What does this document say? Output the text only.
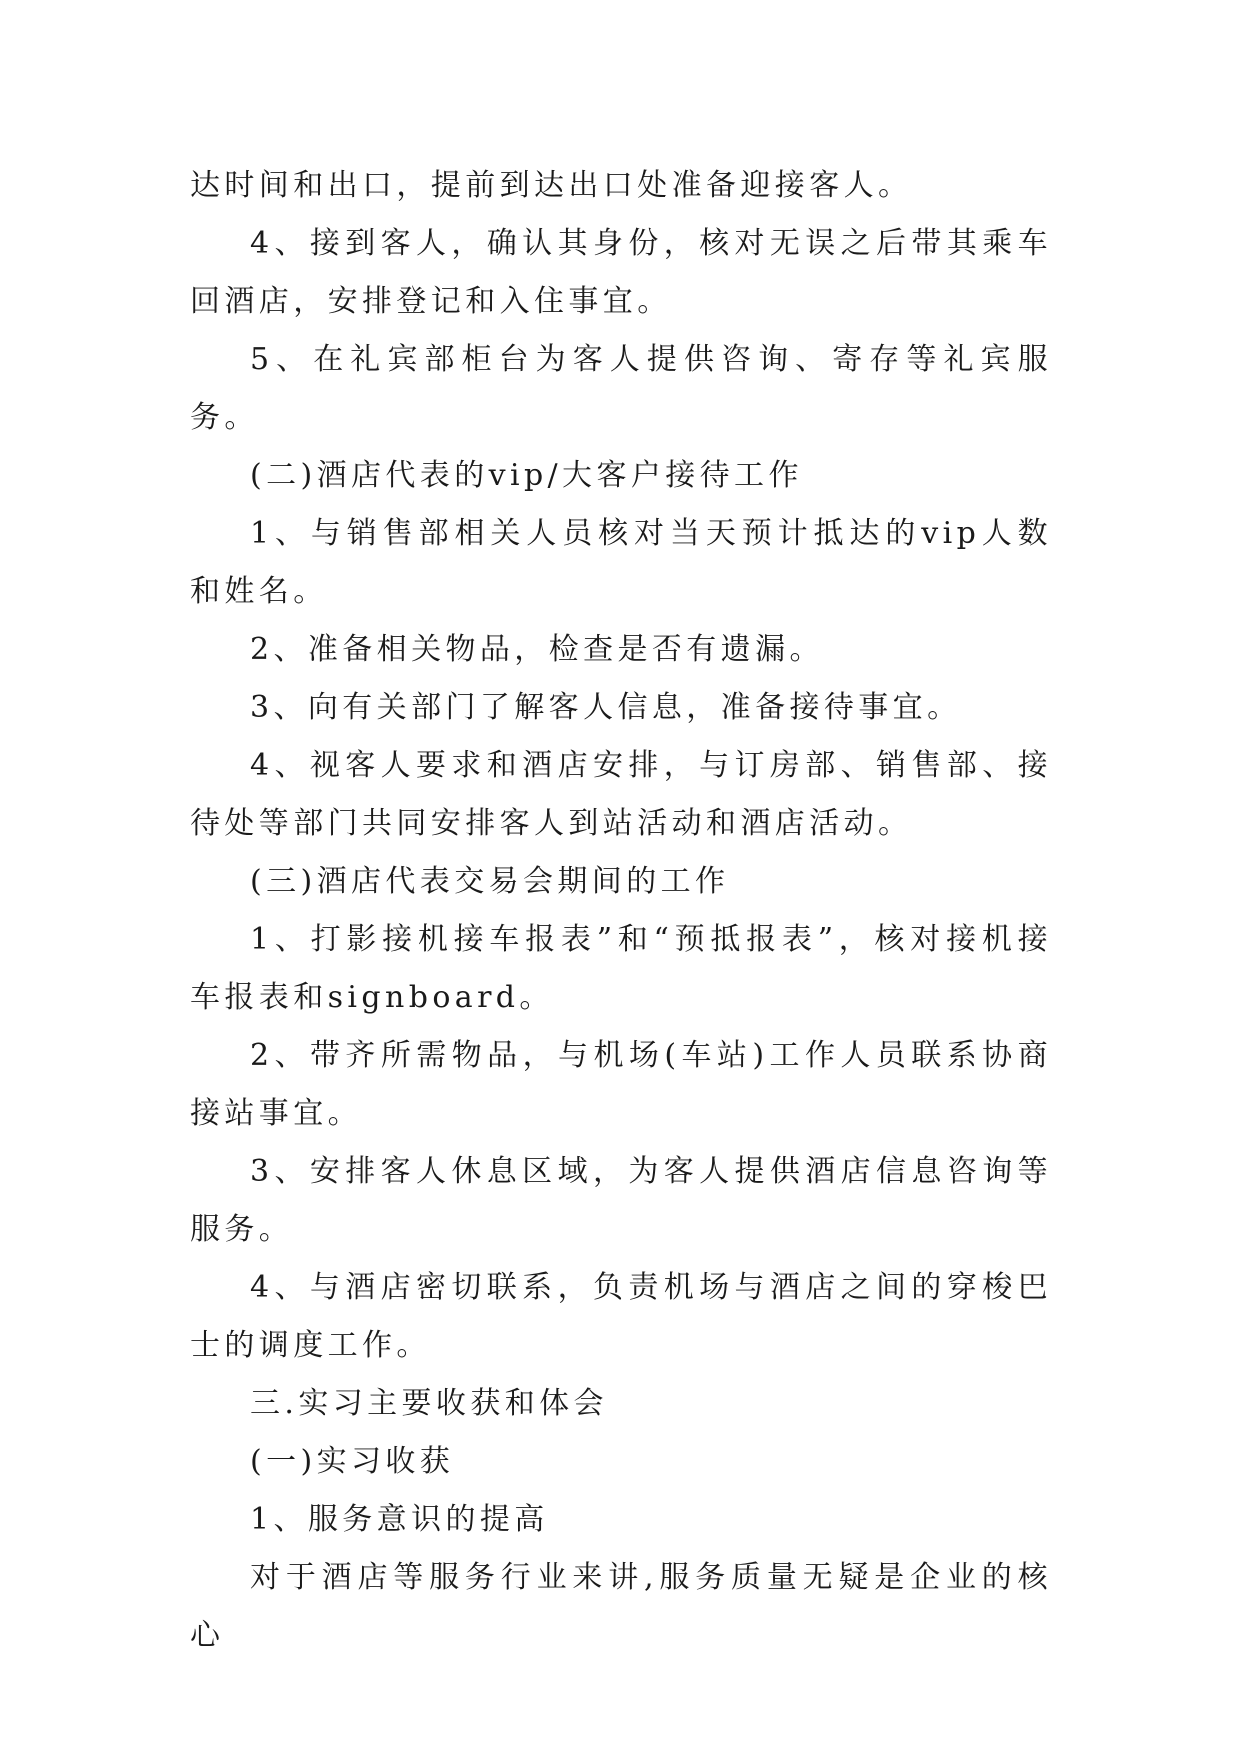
达时间和出口，提前到达出口处准备迎接客人。

4、接到客人，确认其身份，核对无误之后带其乘车回酒店，安排登记和入住事宜。

5、在礼宾部柜台为客人提供咨询、寄存等礼宾服务。

(二)酒店代表的vip/大客户接待工作

1、与销售部相关人员核对当天预计抵达的vip人数和姓名。

2、准备相关物品，检查是否有遗漏。

3、向有关部门了解客人信息，准备接待事宜。

4、视客人要求和酒店安排，与订房部、销售部、接待处等部门共同安排客人到站活动和酒店活动。

(三)酒店代表交易会期间的工作

1、打影接机接车报表”和“预抵报表”，核对接机接车报表和signboard。

2、带齐所需物品，与机场(车站)工作人员联系协商接站事宜。

3、安排客人休息区域，为客人提供酒店信息咨询等服务。

4、与酒店密切联系，负责机场与酒店之间的穿梭巴士的调度工作。

三.实习主要收获和体会

(一)实习收获

1、服务意识的提高

对于酒店等服务行业来讲,服务质量无疑是企业的核心
